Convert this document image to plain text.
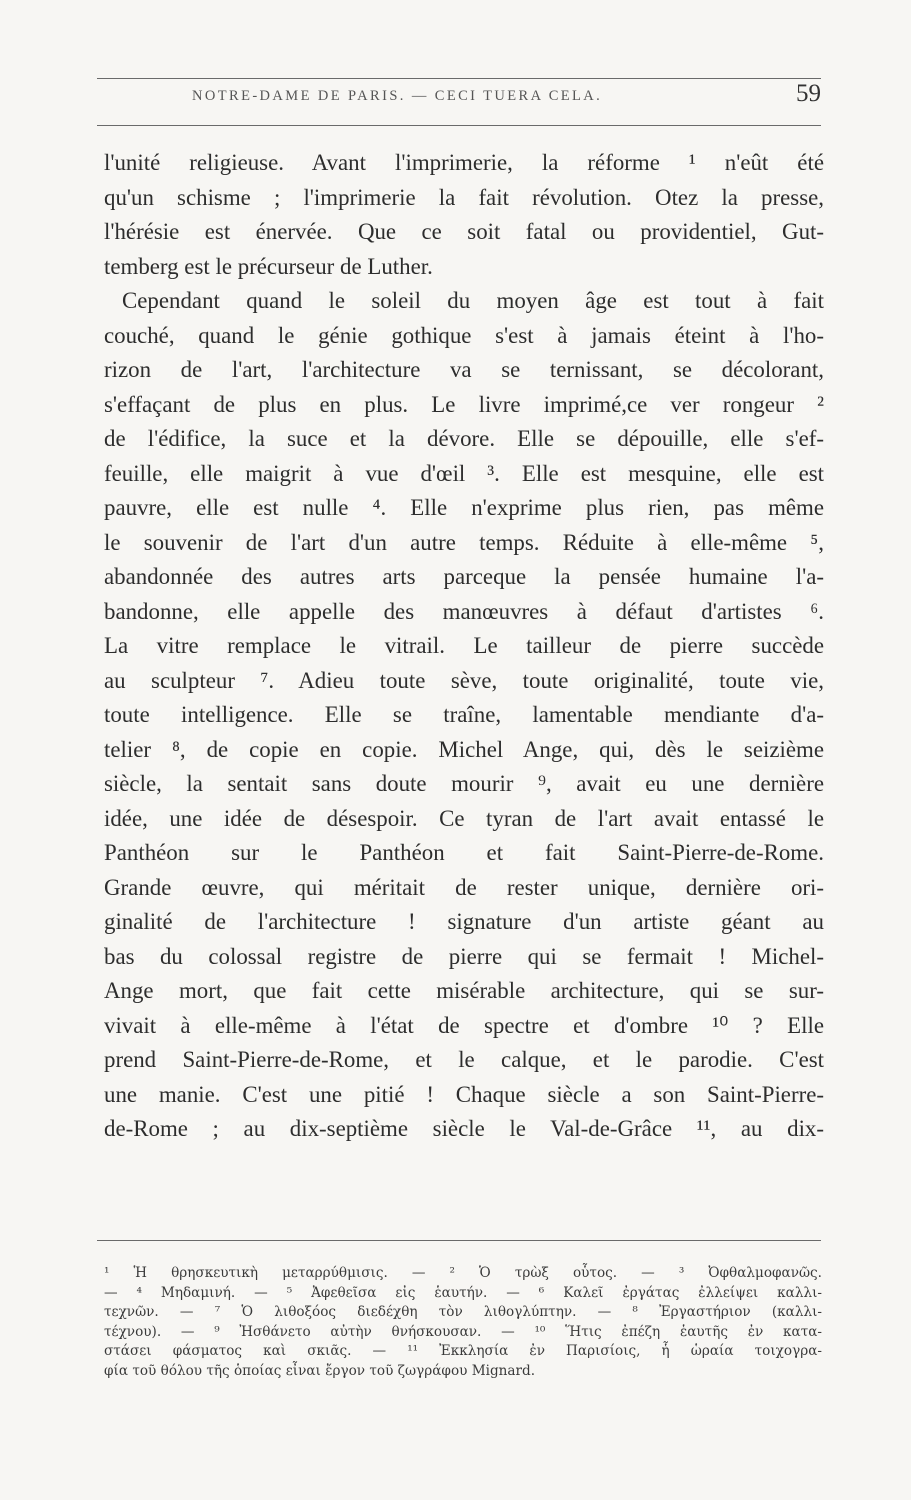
NOTRE-DAME DE PARIS. — CECI TUERA CELA.	59
l'unité religieuse. Avant l'imprimerie, la réforme ¹ n'eût été
qu'un schisme ; l'imprimerie la fait révolution. Otez la presse,
l'hérésie est énervée. Que ce soit fatal ou providentiel, Gut-
temberg est le précurseur de Luther.
Cependant quand le soleil du moyen âge est tout à fait
couché, quand le génie gothique s'est à jamais éteint à l'ho-
rizon de l'art, l'architecture va se ternissant, se décolorant,
s'effaçant de plus en plus. Le livre imprimé,ce ver rongeur ²
de l'édifice, la suce et la dévore. Elle se dépouille, elle s'ef-
feuille, elle maigrit à vue d'œil ³. Elle est mesquine, elle est
pauvre, elle est nulle ⁴. Elle n'exprime plus rien, pas même
le souvenir de l'art d'un autre temps. Réduite à elle-même ⁵,
abandonnée des autres arts parceque la pensée humaine l'a-
bandonne, elle appelle des manœuvres à défaut d'artistes ⁶.
La vitre remplace le vitrail. Le tailleur de pierre succède
au sculpteur ⁷. Adieu toute sève, toute originalité, toute vie,
toute intelligence. Elle se traîne, lamentable mendiante d'a-
telier ⁸, de copie en copie. Michel Ange, qui, dès le seizième
siècle, la sentait sans doute mourir ⁹, avait eu une dernière
idée, une idée de désespoir. Ce tyran de l'art avait entassé le
Panthéon sur le Panthéon et fait Saint-Pierre-de-Rome.
Grande œuvre, qui méritait de rester unique, dernière ori-
ginalité de l'architecture ! signature d'un artiste géant au
bas du colossal registre de pierre qui se fermait ! Michel-
Ange mort, que fait cette misérable architecture, qui se sur-
vivait à elle-même à l'état de spectre et d'ombre ¹⁰ ? Elle
prend Saint-Pierre-de-Rome, et le calque, et le parodie. C'est
une manie. C'est une pitié ! Chaque siècle a son Saint-Pierre-
de-Rome ; au dix-septième siècle le Val-de-Grâce ¹¹, au dix-
¹ Ἡ θρησκευτικὴ μεταρρύθμισις. — ² Ὁ τρὼξ οὗτος. — ³ Ὀφθαλμοφανῶς.
— ⁴ Μηδαμινή. — ⁵ Ἀφεθεῖσα εἰς ἑαυτήν. — ⁶ Καλεῖ ἐργάτας ἐλλείψει καλλι-
τεχνῶν. — ⁷ Ὁ λιθοξόος διεδέχθη τὸν λιθογλύπτην. — ⁸ Ἐργαστήριον (καλλι-
τέχνου). — ⁹ Ἠσθάνετο αὐτὴν θνήσκουσαν. — ¹⁰ Ἥτις ἐπέζη ἑαυτῆς ἐν κατα-
στάσει φάσματος καὶ σκιᾶς. — ¹¹ Ἐκκλησία ἐν Παρισίοις, ἧ ὡραία τοιχογρα-
φία τοῦ θόλου τῆς ὁποίας εἶναι ἔργον τοῦ ζωγράφου Mignard.
